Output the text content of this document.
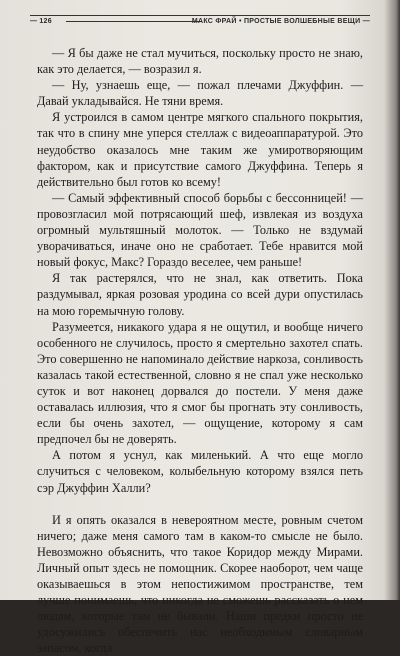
— 126	МАКС ФРАЙ • ПРОСТЫЕ ВОЛШЕБНЫЕ ВЕЩИ —

— Я бы даже не стал мучиться, поскольку просто не знаю, как это делается, — возразил я.

— Ну, узнаешь еще, — пожал плечами Джуффин. — Давай укладывайся. Не тяни время.

Я устроился в самом центре мягкого спального покрытия, так что в спину мне уперся стеллаж с видеоаппаратурой. Это неудобство оказалось мне таким же умиротворяющим фактором, как и присутствие самого Джуффина. Теперь я действительно был готов ко всему!

— Самый эффективный способ борьбы с бессонницей! — провозгласил мой потрясающий шеф, извлекая из воздуха огромный мультяшный молоток. — Только не вздумай уворачиваться, иначе оно не сработает. Тебе нравится мой новый фокус, Макс? Гораздо веселее, чем раньше!

Я так растерялся, что не знал, как ответить. Пока раздумывал, яркая розовая уродина со всей дури опустилась на мою горемычную голову.

Разумеется, никакого удара я не ощутил, и вообще ничего особенного не случилось, просто я смертельно захотел спать. Это совершенно не напоминало действие наркоза, сонливость казалась такой естественной, словно я не спал уже несколько суток и вот наконец дорвался до постели. У меня даже оставалась иллюзия, что я смог бы прогнать эту сонливость, если бы очень захотел, — ощущение, которому я сам предпочел бы не доверять.

А потом я уснул, как миленький. А что еще могло случиться с человеком, колыбельную которому взялся петь сэр Джуффин Халли?

И я опять оказался в невероятном месте, ровным счетом ничего; даже меня самого там в каком-то смысле не было. Невозможно объяснить, что такое Коридор между Мирами. Личный опыт здесь не помощник. Скорее наоборот, чем чаще оказываешься в этом непостижимом пространстве, тем лучше понимаешь, что никогда не сможешь рассказать о нем людям, которые там не бывали. Наши предки просто не удосужились обеспечить нас необходимым словарным запасом, когда
